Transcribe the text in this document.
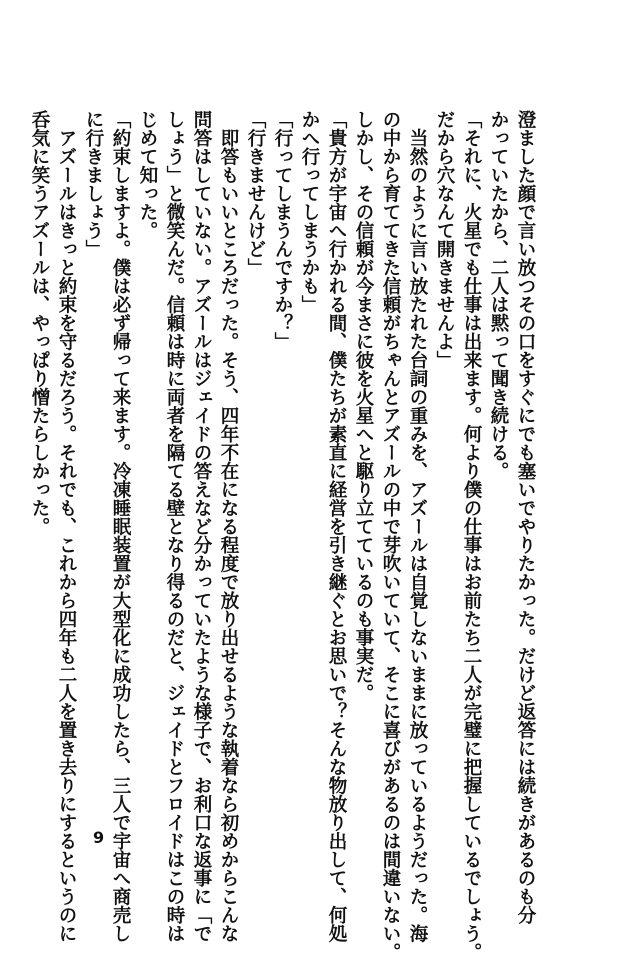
澄ました顔で言い放つその口をすぐにでも塞いでやりたかった。だけど返答には続きがあるのも分
かっていたから、二人は黙って聞き続ける。
「それに、火星でも仕事は出来ます。何より僕の仕事はお前たち二人が完璧に把握しているでしょう。
だから穴なんて開きませんよ」
　当然のように言い放たれた台詞の重みを、アズールは自覚しないままに放っているようだった。海
の中から育ててきた信頼がちゃんとアズールの中で芽吹いていて、そこに喜びがあるのは間違いない。
しかし、その信頼が今まさに彼を火星へと駆り立てているのも事実だ。
「貴方が宇宙へ行かれる間、僕たちが素直に経営を引き継ぐとお思いで？そんな物放り出して、何処
かへ行ってしまうかも」
「行ってしまうんですか？」
「行きませんけど」
　即答もいいところだった。そう、四年不在になる程度で放り出せるような執着なら初めからこんな
問答はしていない。アズールはジェイドの答えなど分かっていたような様子で、お利口な返事に「で
しょう」と微笑んだ。信頼は時に両者を隔てる壁となり得るのだと、ジェイドとフロイドはこの時は
じめて知った。
「約束しますよ。僕は必ず帰って来ます。冷凍睡眠装置が大型化に成功したら、三人で宇宙へ商売し
に行きましょう」
　アズールはきっと約束を守るだろう。それでも、これから四年も二人を置き去りにするというのに
呑気に笑うアズールは、やっぱり憎たらしかった。
9
